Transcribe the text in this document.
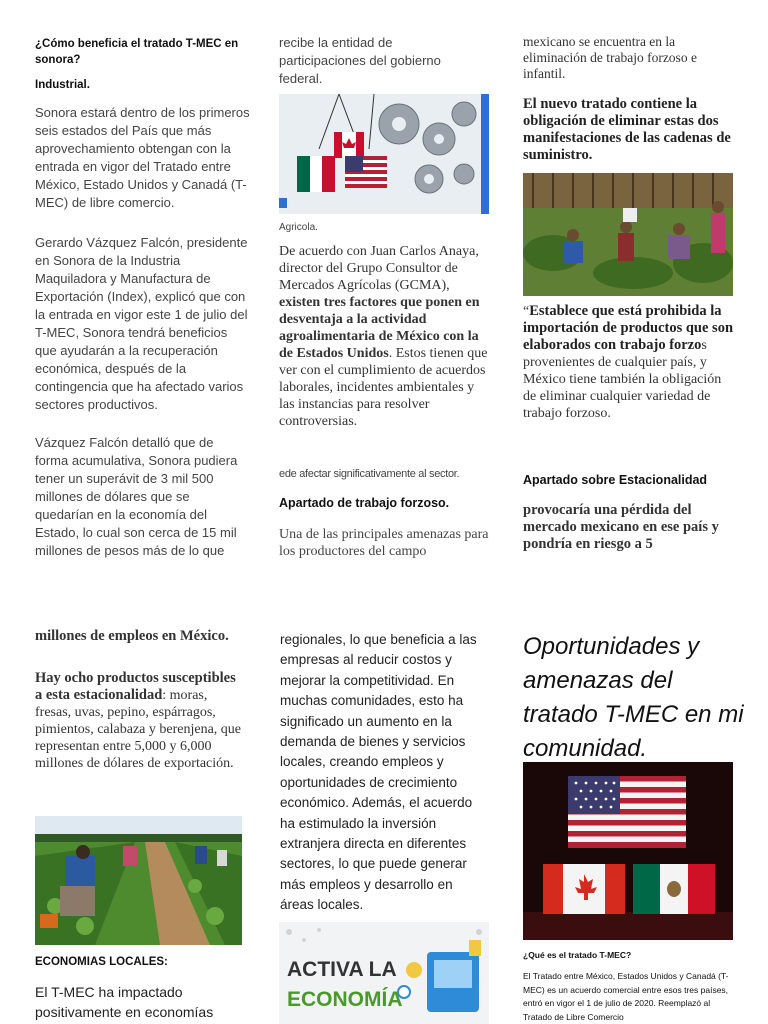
¿Cómo beneficia el tratado T-MEC en sonora?

Industrial.

Sonora estará dentro de los primeros seis estados del País que más aprovechamiento obtengan con la entrada en vigor del Tratado entre México, Estado Unidos y Canadá (T-MEC) de libre comercio.

Gerardo Vázquez Falcón, presidente en Sonora de la Industria Maquiladora y Manufactura de Exportación (Index), explicó que con la entrada en vigor este 1 de julio del T-MEC, Sonora tendrá beneficios que ayudarán a la recuperación económica, después de la contingencia que ha afectado varios sectores productivos.

Vázquez Falcón detalló que de forma acumulativa, Sonora pudiera tener un superávit de 3 mil 500 millones de dólares que se quedarían en la economía del Estado, lo cual son cerca de 15 mil millones de pesos más de lo que

recibe la entidad de participaciones del gobierno federal.

Agricola.

De acuerdo con Juan Carlos Anaya, director del Grupo Consultor de Mercados Agrícolas (GCMA), existen tres factores que ponen en desventaja a la actividad agroalimentaria de México con la de Estados Unidos. Estos tienen que ver con el cumplimiento de acuerdos laborales, incidentes ambientales y las instancias para resolver controversias.

ede afectar significativamente al sector.

Apartado de trabajo forzoso.

Una de las principales amenazas para los productores del campo

mexicano se encuentra en la eliminación de trabajo forzoso e infantil.

El nuevo tratado contiene la obligación de eliminar estas dos manifestaciones de las cadenas de suministro.

“Establece que está prohibida la importación de productos que son elaborados con trabajo forzos provenientes de cualquier país, y México tiene también la obligación de eliminar cualquier variedad de trabajo forzoso.

Apartado sobre Estacionalidad

provocaría una pérdida del mercado mexicano en ese país y pondría en riesgo a 5

millones de empleos en México.

Hay ocho productos susceptibles a esta estacionalidad: moras, fresas, uvas, pepino, espárragos, pimientos, calabaza y berenjena, que representan entre 5,000 y 6,000 millones de dólares de exportación.

ECONOMIAS LOCALES:

El T-MEC ha impactado positivamente en economías

regionales, lo que beneficia a las empresas al reducir costos y mejorar la competitividad. En muchas comunidades, esto ha significado un aumento en la demanda de bienes y servicios locales, creando empleos y oportunidades de crecimiento económico. Además, el acuerdo ha estimulado la inversión extranjera directa en diferentes sectores, lo que puede generar más empleos y desarrollo en áreas locales.

ACTIVA LA
ECONOMÍA

Oportunidades y amenazas del tratado T-MEC en mi comunidad.

¿Qué es el tratado T-MEC?

El Tratado entre México, Estados Unidos y Canadá (T-MEC) es un acuerdo comercial entre esos tres países, entró en vigor el 1 de julio de 2020. Reemplazó al Tratado de Libre Comercio
